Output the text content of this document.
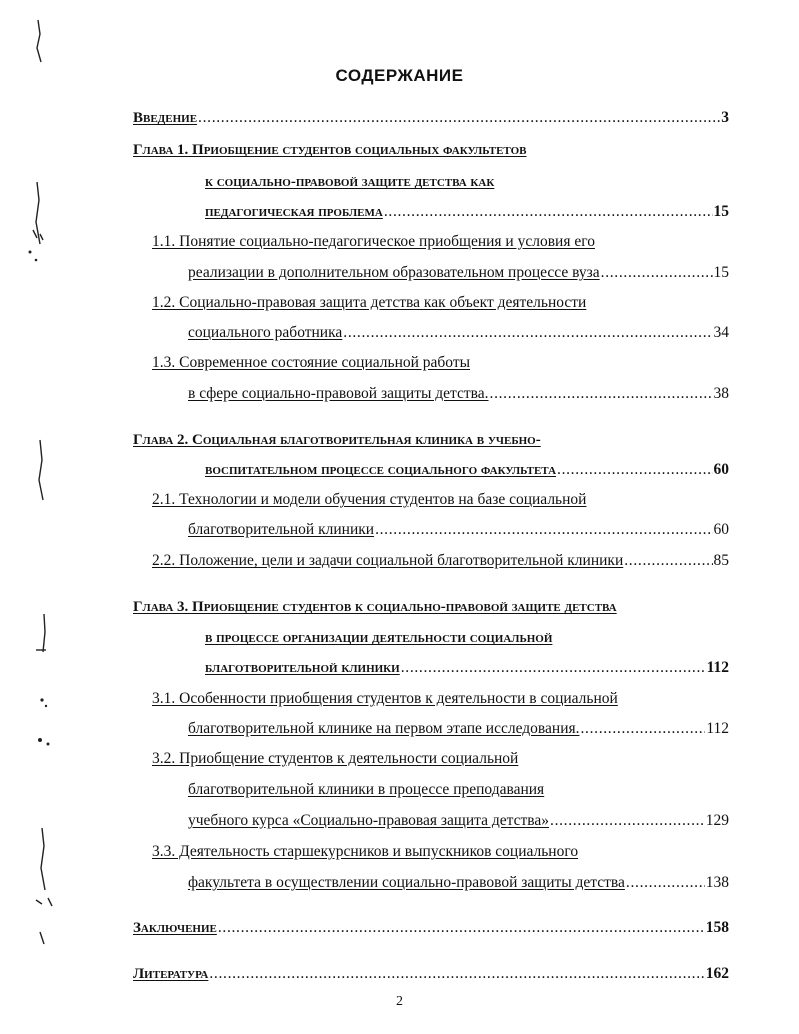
СОДЕРЖАНИЕ
Введение . . .	3
Глава 1. Приобщение студентов социальных факультетов
к социально-правовой защите детства как
педагогическая проблема . . .	15
1.1. Понятие социально-педагогическое приобщения и условия его
реализации в дополнительном образовательном процессе вуза . . .	15
1.2. Социально-правовая защита детства как объект деятельности
социального работника . . .	34
1.3. Современное состояние социальной работы
в сфере социально-правовой защиты детства. . . .	38
Глава 2. Социальная благотворительная клиника в учебно-
воспитательном процессе социального факультета . . .	60
2.1. Технологии и модели обучения студентов на базе социальной
благотворительной клиники . . .	60
2.2. Положение, цели и задачи социальной благотворительной клиники . . .	85
Глава 3. Приобщение студентов к социально-правовой защите детства
в процессе организации деятельности социальной
благотворительной клиники . . .	112
3.1. Особенности приобщения студентов к деятельности в социальной
благотворительной клинике на первом этапе исследования. . . .	112
3.2. Приобщение студентов к деятельности социальной
благотворительной клиники в процессе преподавания
учебного курса «Социально-правовая защита детства» . . .	129
3.3. Деятельность старшекурсников и выпускников социального
факультета в осуществлении социально-правовой защиты детства . . .	138
Заключение . . .	158
Литература . . .	162
2
